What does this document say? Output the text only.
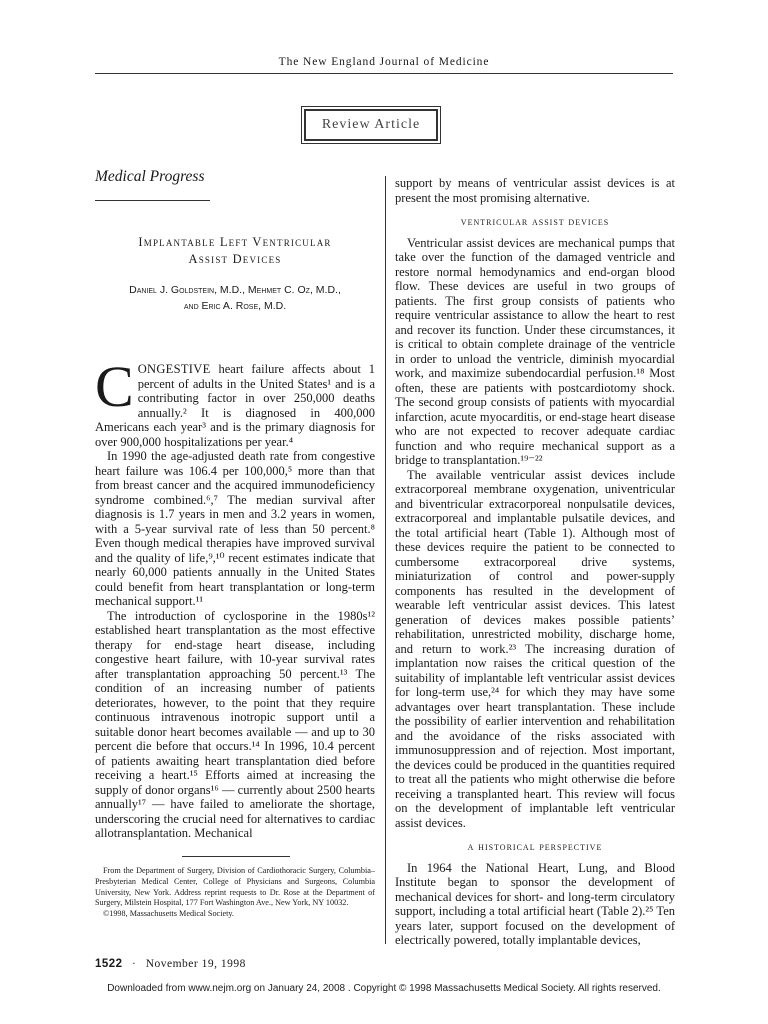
The New England Journal of Medicine
Review Article
Medical Progress
Implantable Left Ventricular
Assist Devices
Daniel J. Goldstein, M.D., Mehmet C. Oz, M.D.,
and Eric A. Rose, M.D.

CONGESTIVE heart failure affects about 1 percent of adults in the United States¹ and is a contributing factor in over 250,000 deaths annually.² It is diagnosed in 400,000 Americans each year³ and is the primary diagnosis for over 900,000 hospitalizations per year.⁴

In 1990 the age-adjusted death rate from congestive heart failure was 106.4 per 100,000,⁵ more than that from breast cancer and the acquired immunodeficiency syndrome combined.⁶,⁷ The median survival after diagnosis is 1.7 years in men and 3.2 years in women, with a 5-year survival rate of less than 50 percent.⁸ Even though medical therapies have improved survival and the quality of life,⁹,¹⁰ recent estimates indicate that nearly 60,000 patients annually in the United States could benefit from heart transplantation or long-term mechanical support.¹¹

The introduction of cyclosporine in the 1980s¹² established heart transplantation as the most effective therapy for end-stage heart disease, including congestive heart failure, with 10-year survival rates after transplantation approaching 50 percent.¹³ The condition of an increasing number of patients deteriorates, however, to the point that they require continuous intravenous inotropic support until a suitable donor heart becomes available — and up to 30 percent die before that occurs.¹⁴ In 1996, 10.4 percent of patients awaiting heart transplantation died before receiving a heart.¹⁵ Efforts aimed at increasing the supply of donor organs¹⁶ — currently about 2500 hearts annually¹⁷ — have failed to ameliorate the shortage, underscoring the crucial need for alternatives to cardiac allotransplantation. Mechanical

support by means of ventricular assist devices is at present the most promising alternative.

ventricular assist devices

Ventricular assist devices are mechanical pumps that take over the function of the damaged ventricle and restore normal hemodynamics and end-organ blood flow. These devices are useful in two groups of patients. The first group consists of patients who require ventricular assistance to allow the heart to rest and recover its function. Under these circumstances, it is critical to obtain complete drainage of the ventricle in order to unload the ventricle, diminish myocardial work, and maximize subendocardial perfusion.¹⁸ Most often, these are patients with postcardiotomy shock. The second group consists of patients with myocardial infarction, acute myocarditis, or end-stage heart disease who are not expected to recover adequate cardiac function and who require mechanical support as a bridge to transplantation.¹⁹⁻²²

The available ventricular assist devices include extracorporeal membrane oxygenation, univentricular and biventricular extracorporeal nonpulsatile devices, extracorporeal and implantable pulsatile devices, and the total artificial heart (Table 1). Although most of these devices require the patient to be connected to cumbersome extracorporeal drive systems, miniaturization of control and power-supply components has resulted in the development of wearable left ventricular assist devices. This latest generation of devices makes possible patients’ rehabilitation, unrestricted mobility, discharge home, and return to work.²³ The increasing duration of implantation now raises the critical question of the suitability of implantable left ventricular assist devices for long-term use,²⁴ for which they may have some advantages over heart transplantation. These include the possibility of earlier intervention and rehabilitation and the avoidance of the risks associated with immunosuppression and of rejection. Most important, the devices could be produced in the quantities required to treat all the patients who might otherwise die before receiving a transplanted heart. This review will focus on the development of implantable left ventricular assist devices.

a historical perspective

In 1964 the National Heart, Lung, and Blood Institute began to sponsor the development of mechanical devices for short- and long-term circulatory support, including a total artificial heart (Table 2).²⁵ Ten years later, support focused on the development of electrically powered, totally implantable devices,

From the Department of Surgery, Division of Cardiothoracic Surgery, Columbia–Presbyterian Medical Center, College of Physicians and Surgeons, Columbia University, New York. Address reprint requests to Dr. Rose at the Department of Surgery, Milstein Hospital, 177 Fort Washington Ave., New York, NY 10032.

©1998, Massachusetts Medical Society.

1522 · November 19, 1998
Downloaded from www.nejm.org on January 24, 2008 . Copyright © 1998 Massachusetts Medical Society. All rights reserved.
